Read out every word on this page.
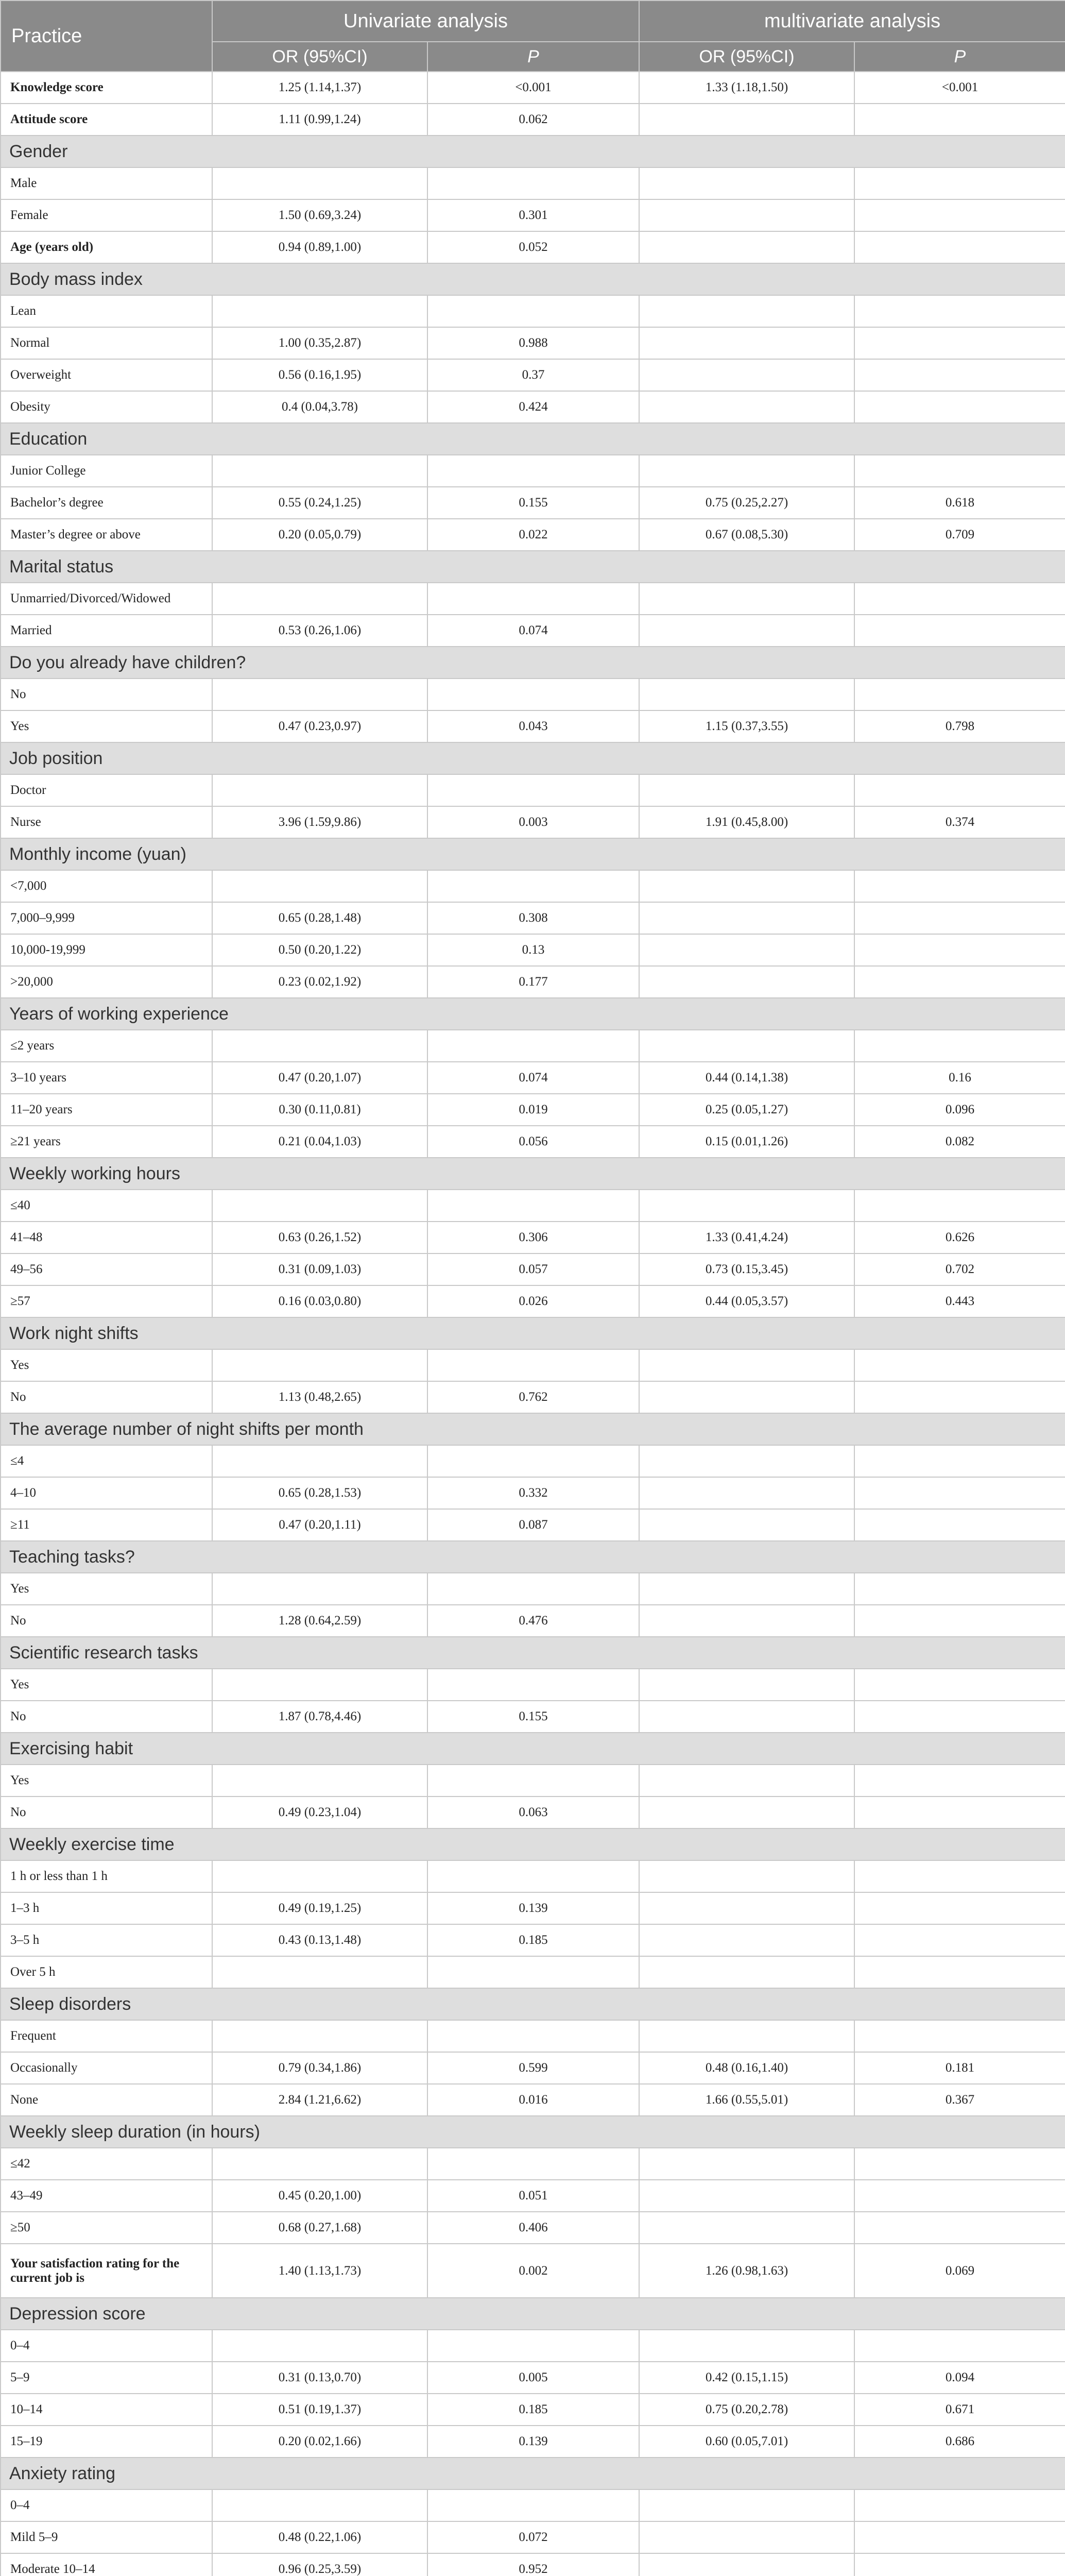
Practice	Univariate analysis		multivariate analysis	
	OR (95%CI)	P	OR (95%CI)	P
Knowledge score	1.25 (1.14,1.37)	<0.001	1.33 (1.18,1.50)	<0.001
Attitude score	1.11 (0.99,1.24)	0.062		
Gender				
Male				
Female	1.50 (0.69,3.24)	0.301		
Age (years old)	0.94 (0.89,1.00)	0.052		
Body mass index				
Lean				
Normal	1.00 (0.35,2.87)	0.988		
Overweight	0.56 (0.16,1.95)	0.37		
Obesity	0.4 (0.04,3.78)	0.424		
Education				
Junior College				
Bachelor’s degree	0.55 (0.24,1.25)	0.155	0.75 (0.25,2.27)	0.618
Master’s degree or above	0.20 (0.05,0.79)	0.022	0.67 (0.08,5.30)	0.709
Marital status				
Unmarried/Divorced/Widowed				
Married	0.53 (0.26,1.06)	0.074		
Do you already have children?				
No				
Yes	0.47 (0.23,0.97)	0.043	1.15 (0.37,3.55)	0.798
Job position				
Doctor				
Nurse	3.96 (1.59,9.86)	0.003	1.91 (0.45,8.00)	0.374
Monthly income (yuan)				
<7,000				
7,000–9,999	0.65 (0.28,1.48)	0.308		
10,000-19,999	0.50 (0.20,1.22)	0.13		
>20,000	0.23 (0.02,1.92)	0.177		
Years of working experience				
≤2 years				
3–10 years	0.47 (0.20,1.07)	0.074	0.44 (0.14,1.38)	0.16
11–20 years	0.30 (0.11,0.81)	0.019	0.25 (0.05,1.27)	0.096
≥21 years	0.21 (0.04,1.03)	0.056	0.15 (0.01,1.26)	0.082
Weekly working hours				
≤40				
41–48	0.63 (0.26,1.52)	0.306	1.33 (0.41,4.24)	0.626
49–56	0.31 (0.09,1.03)	0.057	0.73 (0.15,3.45)	0.702
≥57	0.16 (0.03,0.80)	0.026	0.44 (0.05,3.57)	0.443
Work night shifts				
Yes				
No	1.13 (0.48,2.65)	0.762		
The average number of night shifts per month				
≤4				
4–10	0.65 (0.28,1.53)	0.332		
≥11	0.47 (0.20,1.11)	0.087		
Teaching tasks?				
Yes				
No	1.28 (0.64,2.59)	0.476		
Scientific research tasks				
Yes				
No	1.87 (0.78,4.46)	0.155		
Exercising habit				
Yes				
No	0.49 (0.23,1.04)	0.063		
Weekly exercise time				
1 h or less than 1 h				
1–3 h	0.49 (0.19,1.25)	0.139		
3–5 h	0.43 (0.13,1.48)	0.185		
Over 5 h				
Sleep disorders				
Frequent				
Occasionally	0.79 (0.34,1.86)	0.599	0.48 (0.16,1.40)	0.181
None	2.84 (1.21,6.62)	0.016	1.66 (0.55,5.01)	0.367
Weekly sleep duration (in hours)				
≤42				
43–49	0.45 (0.20,1.00)	0.051		
≥50	0.68 (0.27,1.68)	0.406		
Your satisfaction rating for the current job is	1.40 (1.13,1.73)	0.002	1.26 (0.98,1.63)	0.069
Depression score				
0–4				
5–9	0.31 (0.13,0.70)	0.005	0.42 (0.15,1.15)	0.094
10–14	0.51 (0.19,1.37)	0.185	0.75 (0.20,2.78)	0.671
15–19	0.20 (0.02,1.66)	0.139	0.60 (0.05,7.01)	0.686
Anxiety rating				
0–4				
Mild 5–9	0.48 (0.22,1.06)	0.072		
Moderate 10–14	0.96 (0.25,3.59)	0.952		
